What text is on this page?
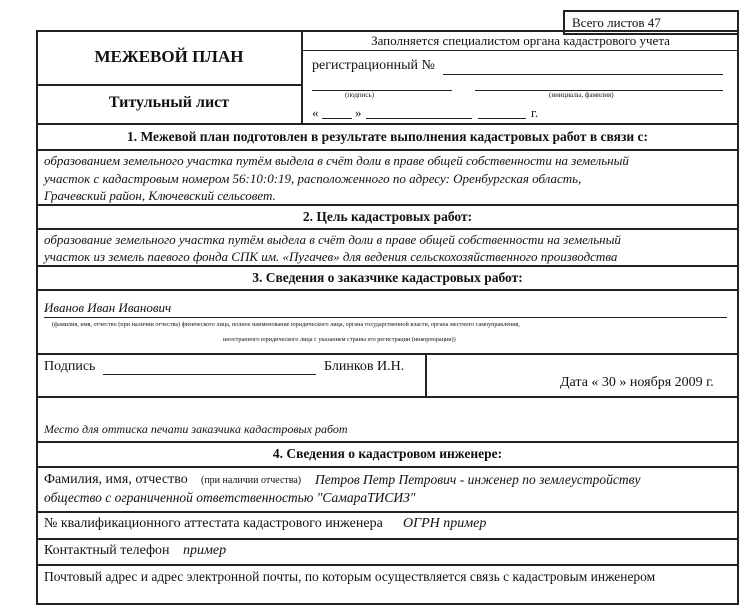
Всего листов 47
МЕЖЕВОЙ ПЛАН
Титульный лист
Заполняется специалистом органа кадастрового учета
регистрационный №
(подпись)	(инициалы, фамилия)
«	»	г.
1. Межевой план подготовлен в результате выполнения кадастровых работ в связи с:
образованием земельного участка путём выдела в счёт доли в праве общей собственности на земельный
участок с кадастровым номером 56:10:0:19, расположенного по адресу: Оренбургская область,
Грачевский район, Ключевский сельсовет.
2. Цель кадастровых работ:
образование земельного участка путём выдела в счёт доли в праве общей собственности на земельный
участок из земель паевого фонда СПК им. «Пугачев» для ведения сельскохозяйственного производства
3. Сведения о заказчике кадастровых работ:
Иванов Иван Иванович
(фамилия, имя, отчество (при наличии отчества) физического лица, полное наименование юридического лица, органа государственной власти, органа местного самоуправления,
иностранного юридического лица с указанием страны его регистрации (инкорпорации))
Подпись	Блинков И.Н.
Дата « 30 » ноября 2009 г.
Место для оттиска печати заказчика кадастровых работ
4. Сведения о кадастровом инженере:
Фамилия, имя, отчество (при наличии отчества) Петров Петр Петрович - инженер по землеустройству
общество с ограниченной ответственностью "СамараТИСИЗ"
№ квалификационного аттестата кадастрового инженера ОГРН пример
Контактный телефон пример
Почтовый адрес и адрес электронной почты, по которым осуществляется связь с кадастровым инженером
